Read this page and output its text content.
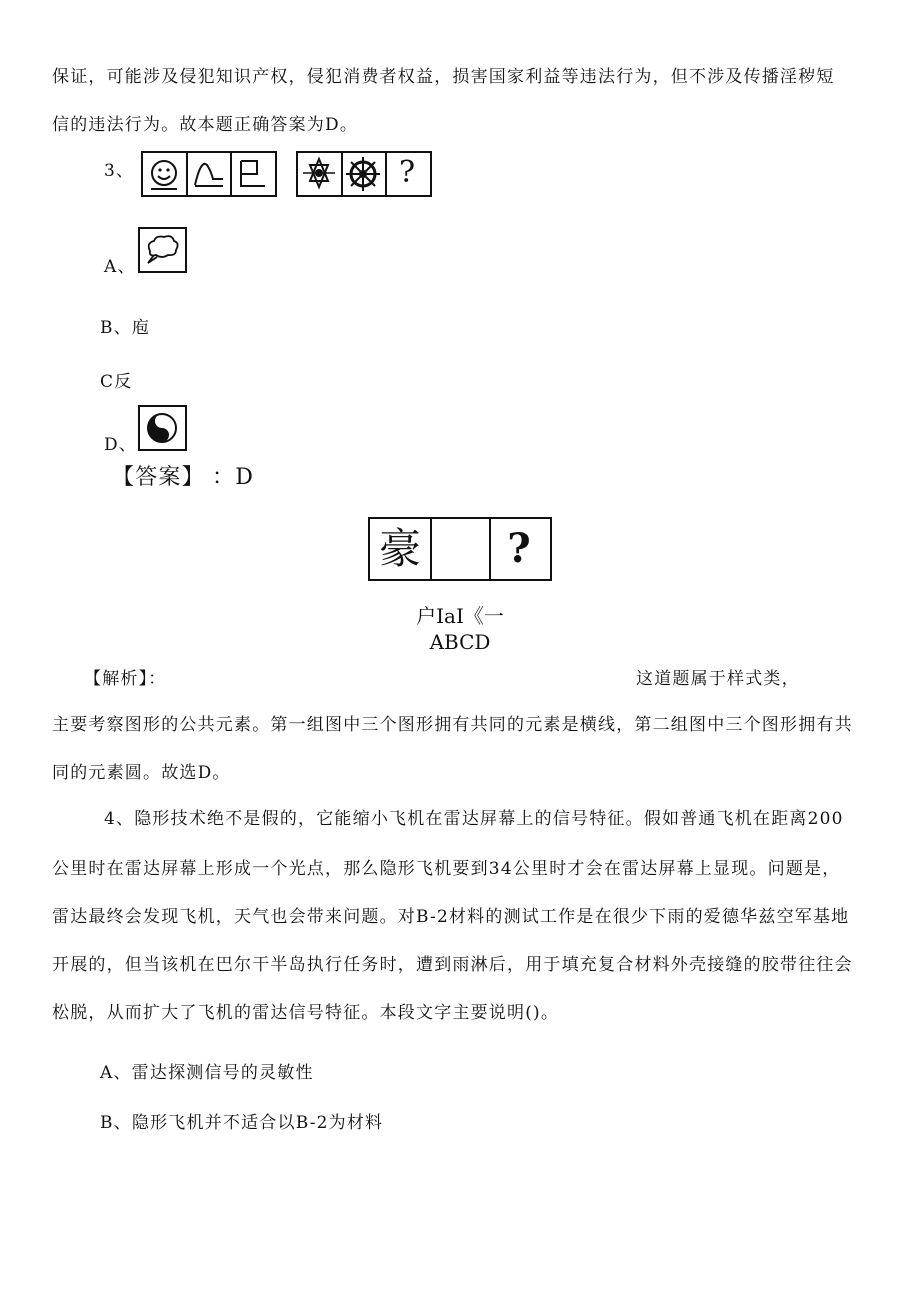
保证，可能涉及侵犯知识产权，侵犯消费者权益，损害国家利益等违法行为，但不涉及传播淫秽短
信的违法行为。故本题正确答案为D。
3、	?
A、
B、庖
C反
D、
【答案】 ：D
豪	?
户IaI《一
ABCD
【解析】：	这道题属于样式类，
主要考察图形的公共元素。第一组图中三个图形拥有共同的元素是横线，第二组图中三个图形拥有共
同的元素圆。故选D。
4、隐形技术绝不是假的，它能缩小飞机在雷达屏幕上的信号特征。假如普通飞机在距离200
公里时在雷达屏幕上形成一个光点，那么隐形飞机要到34公里时才会在雷达屏幕上显现。问题是，
雷达最终会发现飞机，天气也会带来问题。对B-2材料的测试工作是在很少下雨的爱德华兹空军基地
开展的，但当该机在巴尔干半岛执行任务时，遭到雨淋后，用于填充复合材料外壳接缝的胶带往往会
松脱，从而扩大了飞机的雷达信号特征。本段文字主要说明()。
A、雷达探测信号的灵敏性
B、隐形飞机并不适合以B-2为材料
